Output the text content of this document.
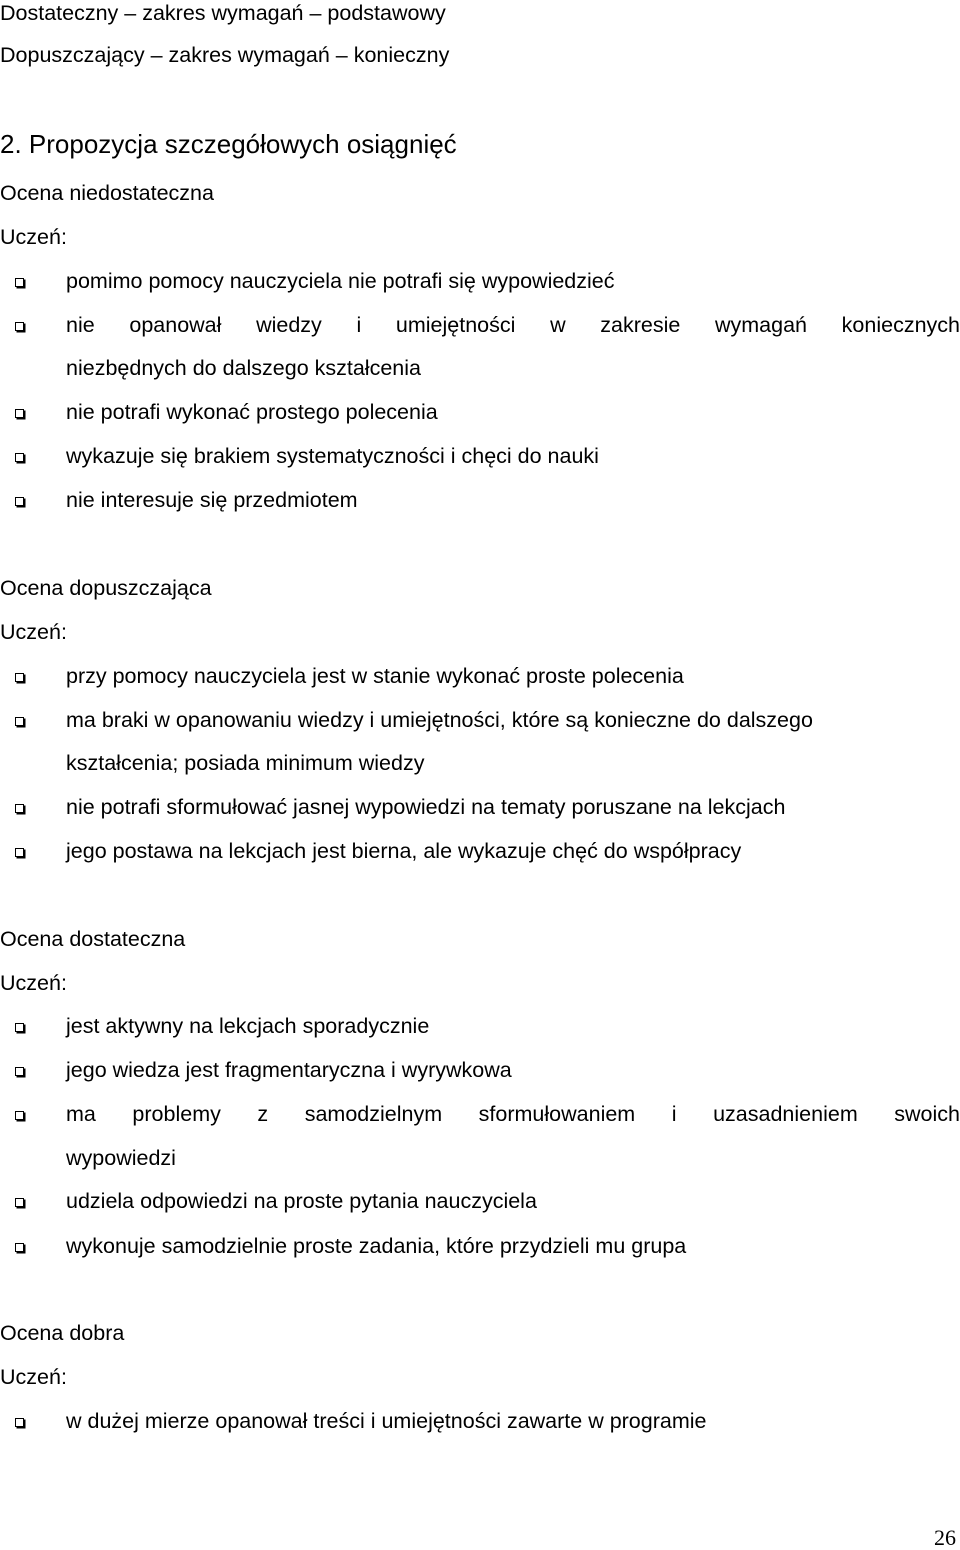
Dostateczny – zakres wymagań – podstawowy
Dopuszczający – zakres wymagań – konieczny
2. Propozycja szczegółowych osiągnięć
Ocena niedostateczna
Uczeń:
pomimo pomocy nauczyciela nie potrafi się wypowiedzieć
nie opanował wiedzy i umiejętności w zakresie wymagań koniecznych
niezbędnych do dalszego kształcenia
nie potrafi wykonać prostego polecenia
wykazuje się brakiem systematyczności i chęci do nauki
nie interesuje się przedmiotem
Ocena dopuszczająca
Uczeń:
przy pomocy nauczyciela jest w stanie wykonać proste polecenia
ma braki w opanowaniu wiedzy i umiejętności, które są konieczne do dalszego
kształcenia; posiada minimum wiedzy
nie potrafi sformułować jasnej wypowiedzi na tematy poruszane na lekcjach
jego postawa na lekcjach jest bierna, ale wykazuje chęć do współpracy
Ocena dostateczna
Uczeń:
jest aktywny na lekcjach sporadycznie
jego wiedza jest fragmentaryczna i wyrywkowa
ma problemy z samodzielnym sformułowaniem i uzasadnieniem swoich
wypowiedzi
udziela odpowiedzi na proste pytania nauczyciela
wykonuje samodzielnie proste zadania, które przydzieli mu grupa
Ocena dobra
Uczeń:
w dużej mierze opanował treści i umiejętności zawarte w programie
26
